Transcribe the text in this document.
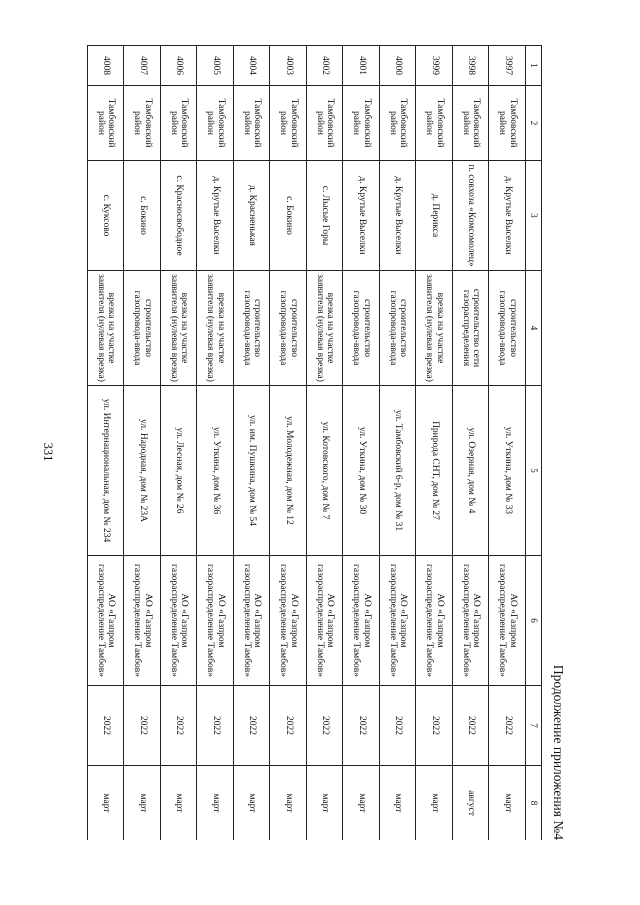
331
Продолжение приложения №4
1	2	3	4	5	6	7	8
3997	Тамбовский район	д. Крутые Выселки	строительство газопровода-ввода	ул. Уткина, дом № 33	АО «Газпром газораспределение Тамбов»	2022	март
3998	Тамбовский район	п. совхоза «Комсомолец»	строительство сети газораспределения	ул. Озерная, дом № 4	АО «Газпром газораспределение Тамбов»	2022	август
3999	Тамбовский район	д. Перикса	врезка на участке заявителя (нулевая врезка)	Природа СНТ, дом № 27	АО «Газпром газораспределение Тамбов»	2022	март
4000	Тамбовский район	д. Крутые Выселки	строительство газопровода-ввода	ул. Тамбовский 6-р, дом № 31	АО «Газпром газораспределение Тамбов»	2022	март
4001	Тамбовский район	д. Крутые Выселки	строительство газопровода-ввода	ул. Уткина, дом № 30	АО «Газпром газораспределение Тамбов»	2022	март
4002	Тамбовский район	с. Лысые Горы	врезка на участке заявителя (нулевая врезка)	ул. Котовского, дом № 7	АО «Газпром газораспределение Тамбов»	2022	март
4003	Тамбовский район	с. Бокино	строительство газопровода-ввода	ул. Молодежная, дом № 12	АО «Газпром газораспределение Тамбов»	2022	март
4004	Тамбовский район	д. Красненькая	строительство газопровода-ввода	ул. им. Пушкина, дом № 54	АО «Газпром газораспределение Тамбов»	2022	март
4005	Тамбовский район	д. Крутые Выселки	врезка на участке заявителя (нулевая врезка)	ул. Уткина, дом № 36	АО «Газпром газораспределение Тамбов»	2022	март
4006	Тамбовский район	с. Красносвободное	врезка на участке заявителя (нулевая врезка)	ул. Лесная, дом № 26	АО «Газпром газораспределение Тамбов»	2022	март
4007	Тамбовский район	с. Бокино	строительство газопровода-ввода	ул. Народная, дом № 23А	АО «Газпром газораспределение Тамбов»	2022	март
4008	Тамбовский район	с. Куксово	врезка на участке заявителя (нулевая врезка)	ул. Интернациональная, дом № 234	АО «Газпром газораспределение Тамбов»	2022	март
